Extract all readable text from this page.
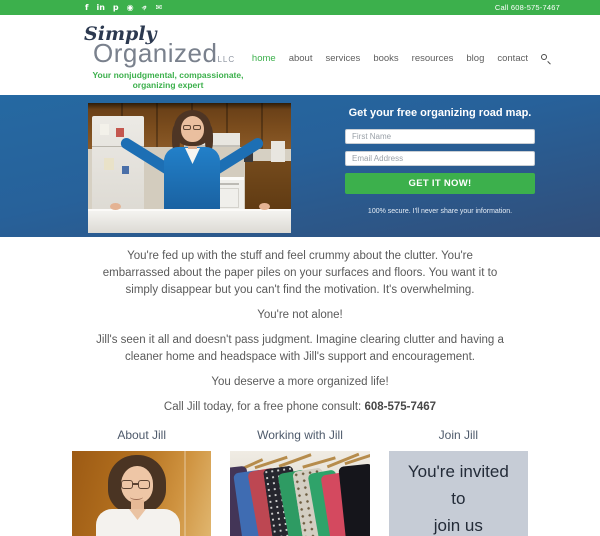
f in p ◉ » ✉	Call 608-575-7467
Simply
OrganizedLLC home about services books resources blog contact
Your nonjudgmental, compassionate, organizing expert
Get your free organizing road map.
First Name
Email Address
GET IT NOW!
100% secure. I'll never share your information.

You're fed up with the stuff and feel crummy about the clutter. You're embarrassed about the paper piles on your surfaces and floors. You want it to simply disappear but you can't find the motivation. It's overwhelming.

You're not alone!

Jill's seen it all and doesn't pass judgment. Imagine clearing clutter and having a cleaner home and headspace with Jill's support and encouragement.

You deserve a more organized life!

Call Jill today, for a free phone consult: 608-575-7467

About Jill	Working with Jill	Join Jill
You're invited
to
join us
